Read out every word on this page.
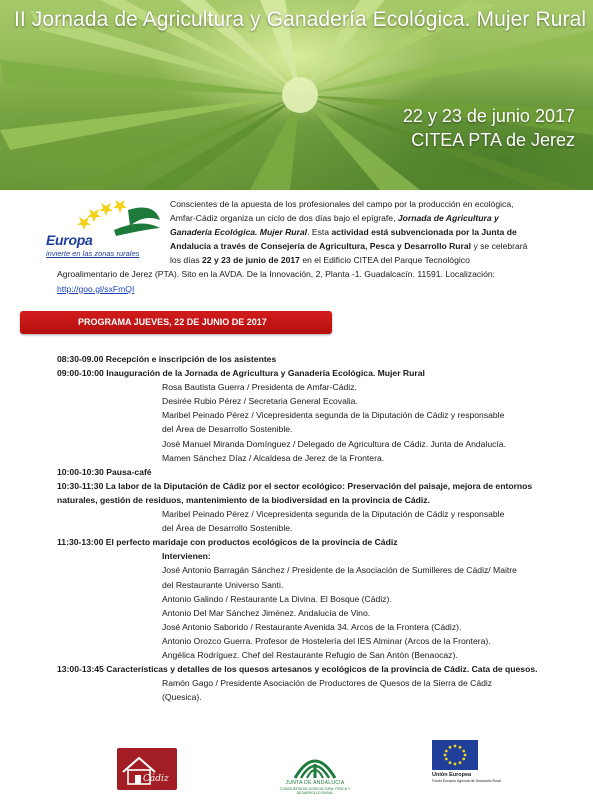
II Jornada de Agricultura y Ganadería Ecológica. Mujer Rural
22 y 23 de junio 2017
CITEA PTA de Jerez
Europa
invierte en las zonas rurales
Conscientes de la apuesta de los profesionales del campo por la producción en ecológica,
Amfar-Cádiz organiza un ciclo de dos días bajo el epígrafe, Jornada de Agricultura y
Ganadería Ecológica. Mujer Rural. Esta actividad está subvencionada por la Junta de
Andalucía a través de Consejería de Agricultura, Pesca y Desarrollo Rural y se celebrará
los días 22 y 23 de junio de 2017 en el Edificio CITEA del Parque Tecnológico
Agroalimentario de Jerez (PTA). Sito en la AVDA. De la Innovación, 2, Planta -1. Guadalcacín. 11591. Localización:
http://goo.gl/sxFmQI
PROGRAMA JUEVES, 22 DE JUNIO DE 2017
08:30-09.00 Recepción e inscripción de los asistentes
09:00-10:00 Inauguración de la Jornada de Agricultura y Ganadería Ecológica. Mujer Rural
Rosa Bautista Guerra / Presidenta de Amfar-Cádiz.
Desirée Rubio Pérez / Secretaria General Ecovalia.
Maribel Peinado Pérez / Vicepresidenta segunda de la Diputación de Cádiz y responsable
del Área de Desarrollo Sostenible.
José Manuel Miranda Domínguez / Delegado de Agricultura de Cádiz. Junta de Andalucía.
Mamen Sánchez Díaz / Alcaldesa de Jerez de la Frontera.
10:00-10:30 Pausa-café
10:30-11:30 La labor de la Diputación de Cádiz por el sector ecológico: Preservación del paisaje, mejora de entornos
naturales, gestión de residuos, mantenimiento de la biodiversidad en la provincia de Cádiz.
Maribel Peinado Pérez / Vicepresidenta segunda de la Diputación de Cádiz y responsable
del Área de Desarrollo Sostenible.
11:30-13:00 El perfecto maridaje con productos ecológicos de la provincia de Cádiz
Intervienen:
José Antonio Barragán Sánchez / Presidente de la Asociación de Sumilleres de Cádiz/ Maitre
del Restaurante Universo Santi.
Antonio Galindo / Restaurante La Divina. El Bosque (Cádiz).
Antonio Del Mar Sánchez Jiménez. Andalucía de Vino.
José Antonio Saborido / Restaurante Avenida 34. Arcos de la Frontera (Cádiz).
Antonio Orozco Guerra. Profesor de Hostelería del IES Alminar (Arcos de la Frontera).
Angélica Rodríguez. Chef del Restaurante Refugio de San Antón (Benaocaz).
13:00-13:45 Características y detalles de los quesos artesanos y ecológicos de la provincia de Cádiz. Cata de quesos.
Ramón Gago / Presidente Asociación de Productores de Quesos de la Sierra de Cádiz
(Quesica).
Cádiz	JUNTA DE ANDALUCIA
CONSEJERÍA DE AGRICULTURA, PESCA Y DESARROLLO RURAL
Unión Europea
Fondo Europeo Agrícola de Desarrollo Rural
